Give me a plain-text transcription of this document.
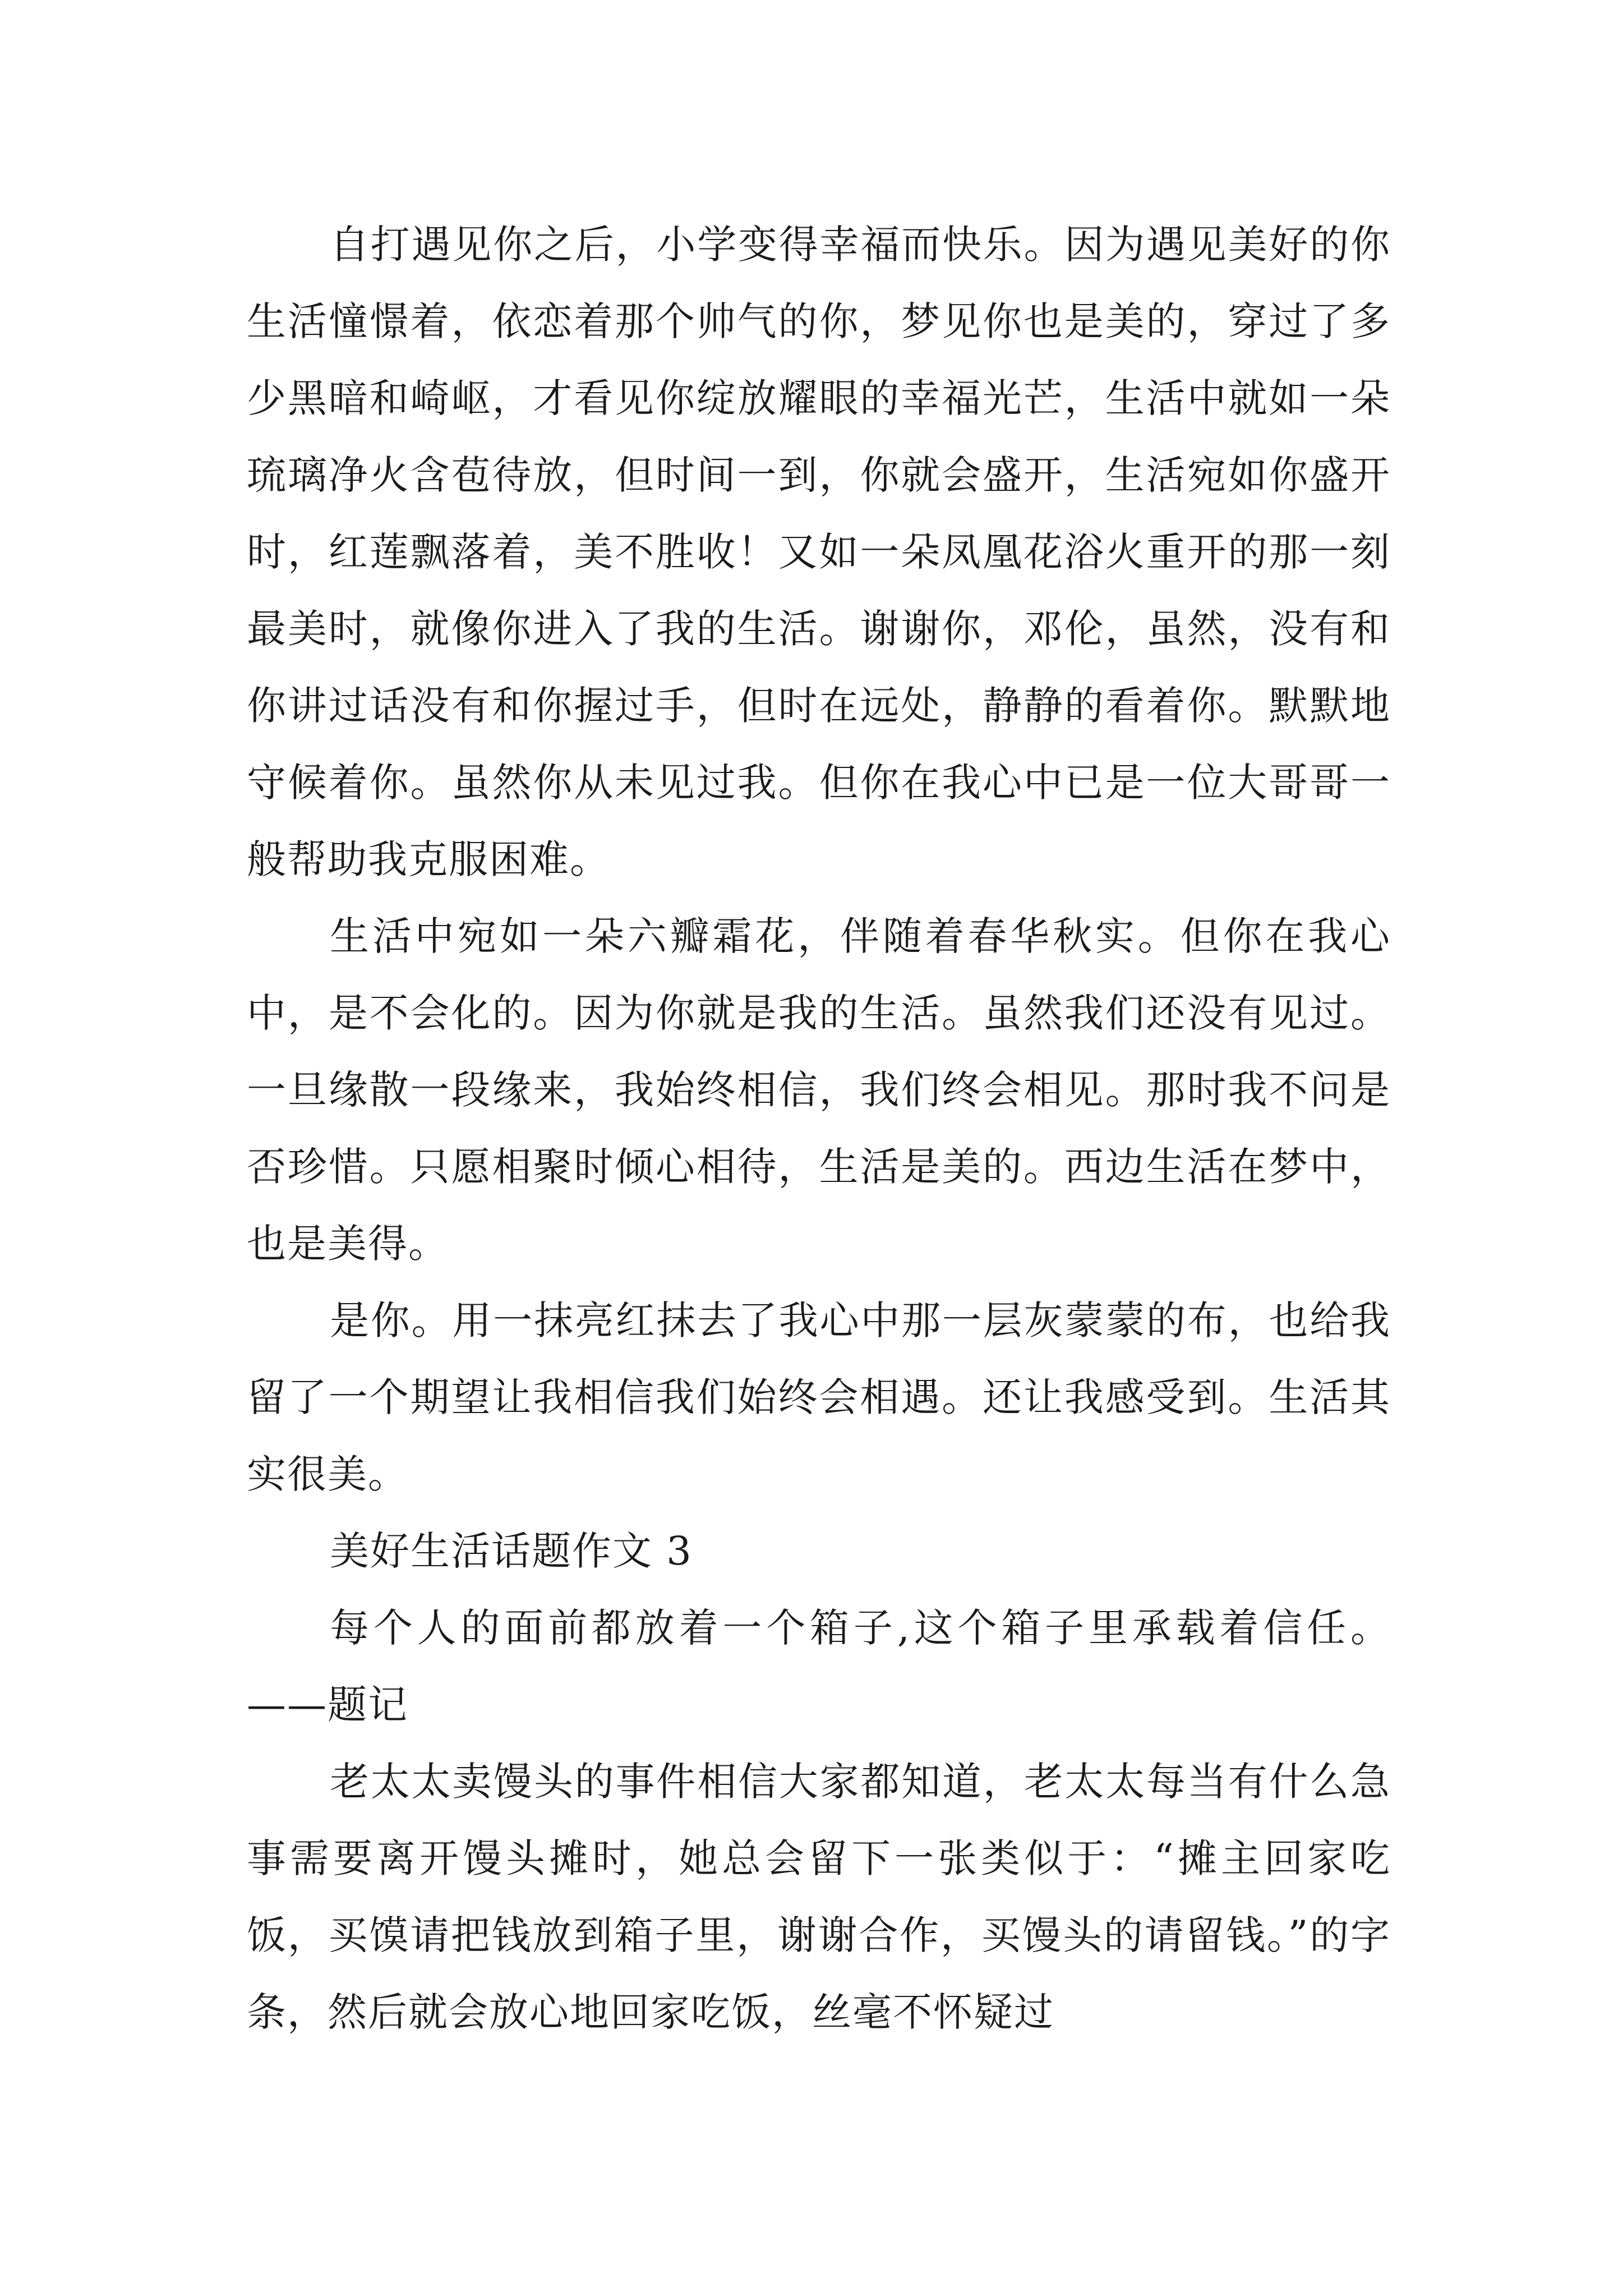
自打遇见你之后，小学变得幸福而快乐。因为遇见美好的你生活憧憬着，依恋着那个帅气的你，梦见你也是美的，穿过了多少黑暗和崎岖，才看见你绽放耀眼的幸福光芒，生活中就如一朵琉璃净火含苞待放，但时间一到，你就会盛开，生活宛如你盛开时，红莲飘落着，美不胜收！又如一朵凤凰花浴火重开的那一刻最美时，就像你进入了我的生活。谢谢你，邓伦，虽然，没有和你讲过话没有和你握过手，但时在远处，静静的看着你。默默地守候着你。虽然你从未见过我。但你在我心中已是一位大哥哥一般帮助我克服困难。

生活中宛如一朵六瓣霜花，伴随着春华秋实。但你在我心中，是不会化的。因为你就是我的生活。虽然我们还没有见过。一旦缘散一段缘来，我始终相信，我们终会相见。那时我不问是否珍惜。只愿相聚时倾心相待，生活是美的。西边生活在梦中，也是美得。

是你。用一抹亮红抹去了我心中那一层灰蒙蒙的布，也给我留了一个期望让我相信我们始终会相遇。还让我感受到。生活其实很美。

美好生活话题作文 3

每个人的面前都放着一个箱子,这个箱子里承载着信任。——题记

老太太卖馒头的事件相信大家都知道，老太太每当有什么急事需要离开馒头摊时，她总会留下一张类似于：“摊主回家吃饭，买馍请把钱放到箱子里，谢谢合作，买馒头的请留钱。”的字条，然后就会放心地回家吃饭，丝毫不怀疑过
